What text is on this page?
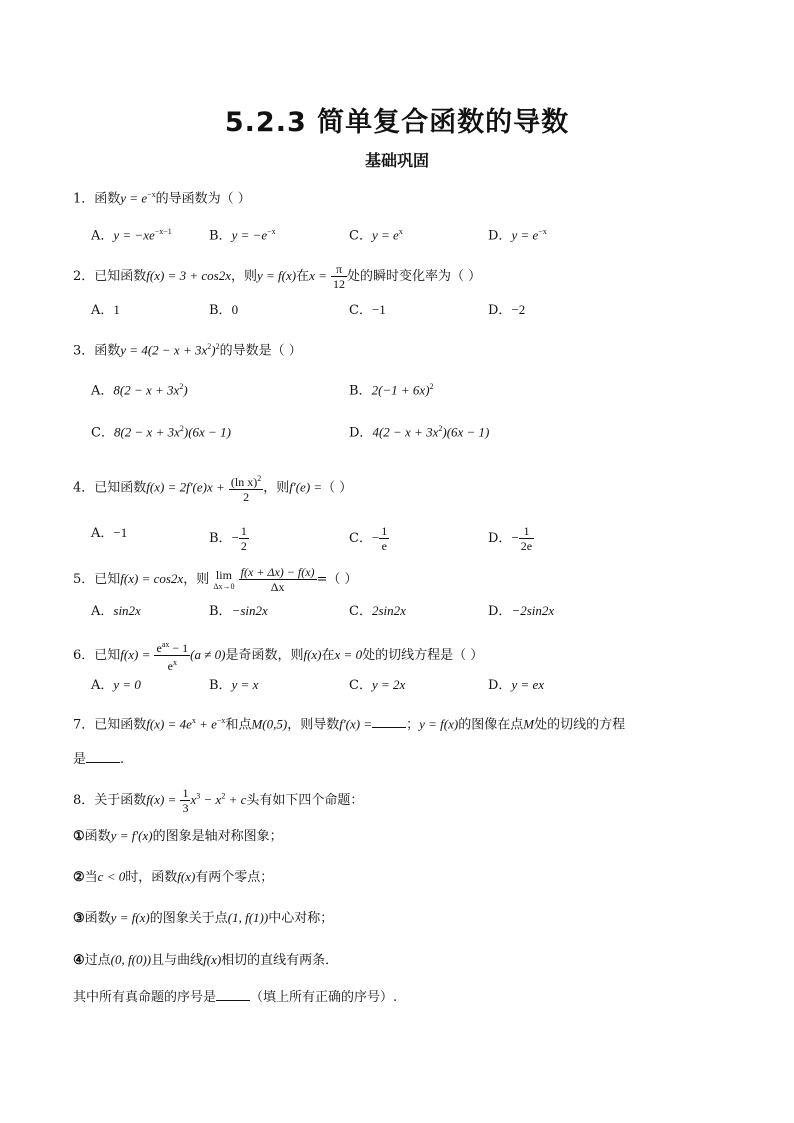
5.2.3 简单复合函数的导数
基础巩固
1．函数$y = e^{-x}$的导函数为（ ）
A．$y = -xe^{-x-1}$	B．$y = -e^{-x}$	C．$y = e^x$	D．$y = e^{-x}$
2．已知函数f(x) = 3 + cos2x，则y = f(x)在$x = \frac{\pi}{12}$ 处的瞬时变化率为（ ）
A．1	B．0	C．−1	D．−2
3．函数$y = 4(2 - x + 3x^2)^2$的导数是（ ）
A．$8(2 - x + 3x^2)$	B．$2(-1 + 6x)^2$
C．$8(2 - x + 3x^2)(6x - 1)$	D．$4(2 - x + 3x^2)(6x - 1)$
4．已知函数$f(x) = 2f'(e)x + \frac{(\ln x)^2}{2}$ ，则f′(e) =（ ）
A．−1	B．− $\frac{1}{2}$	C．− $\frac{1}{e}$	D．− $\frac{1}{2e}$
5．已知f(x) = cos2x，则 lim
Δx→0
$\frac{f(x + \Delta x) - f(x)}{\Delta x}$ =（ ）
A．sin2x	B．−sin2x	C．2sin2x	D．−2sin2x
6．已知$f(x) = \frac{e^{ax} - 1}{e^x} (a \ne 0)$是奇函数，则f(x)在x = 0处的切线方程是（ ）
A．y = 0	B．y = x	C．y = 2x	D．y = ex
7．已知函数$f(x) = 4e^x + e^{-x}$和点M(0,5)，则导数f′(x) =	；y = f(x)的图像在点M处的切线的方程
是	.
8．关于函数$f(x) = \frac{1}{3} x^3 - x^2 + c$头有如下四个命题：
①函数y = f′(x)的图象是轴对称图象；
②当c < 0时，函数f(x)有两个零点；
③函数y = f(x)的图象关于点(1, f(1))中心对称；
④过点(0, f(0))且与曲线f(x)相切的直线有两条．
其中所有真命题的序号是	（填上所有正确的序号）.
